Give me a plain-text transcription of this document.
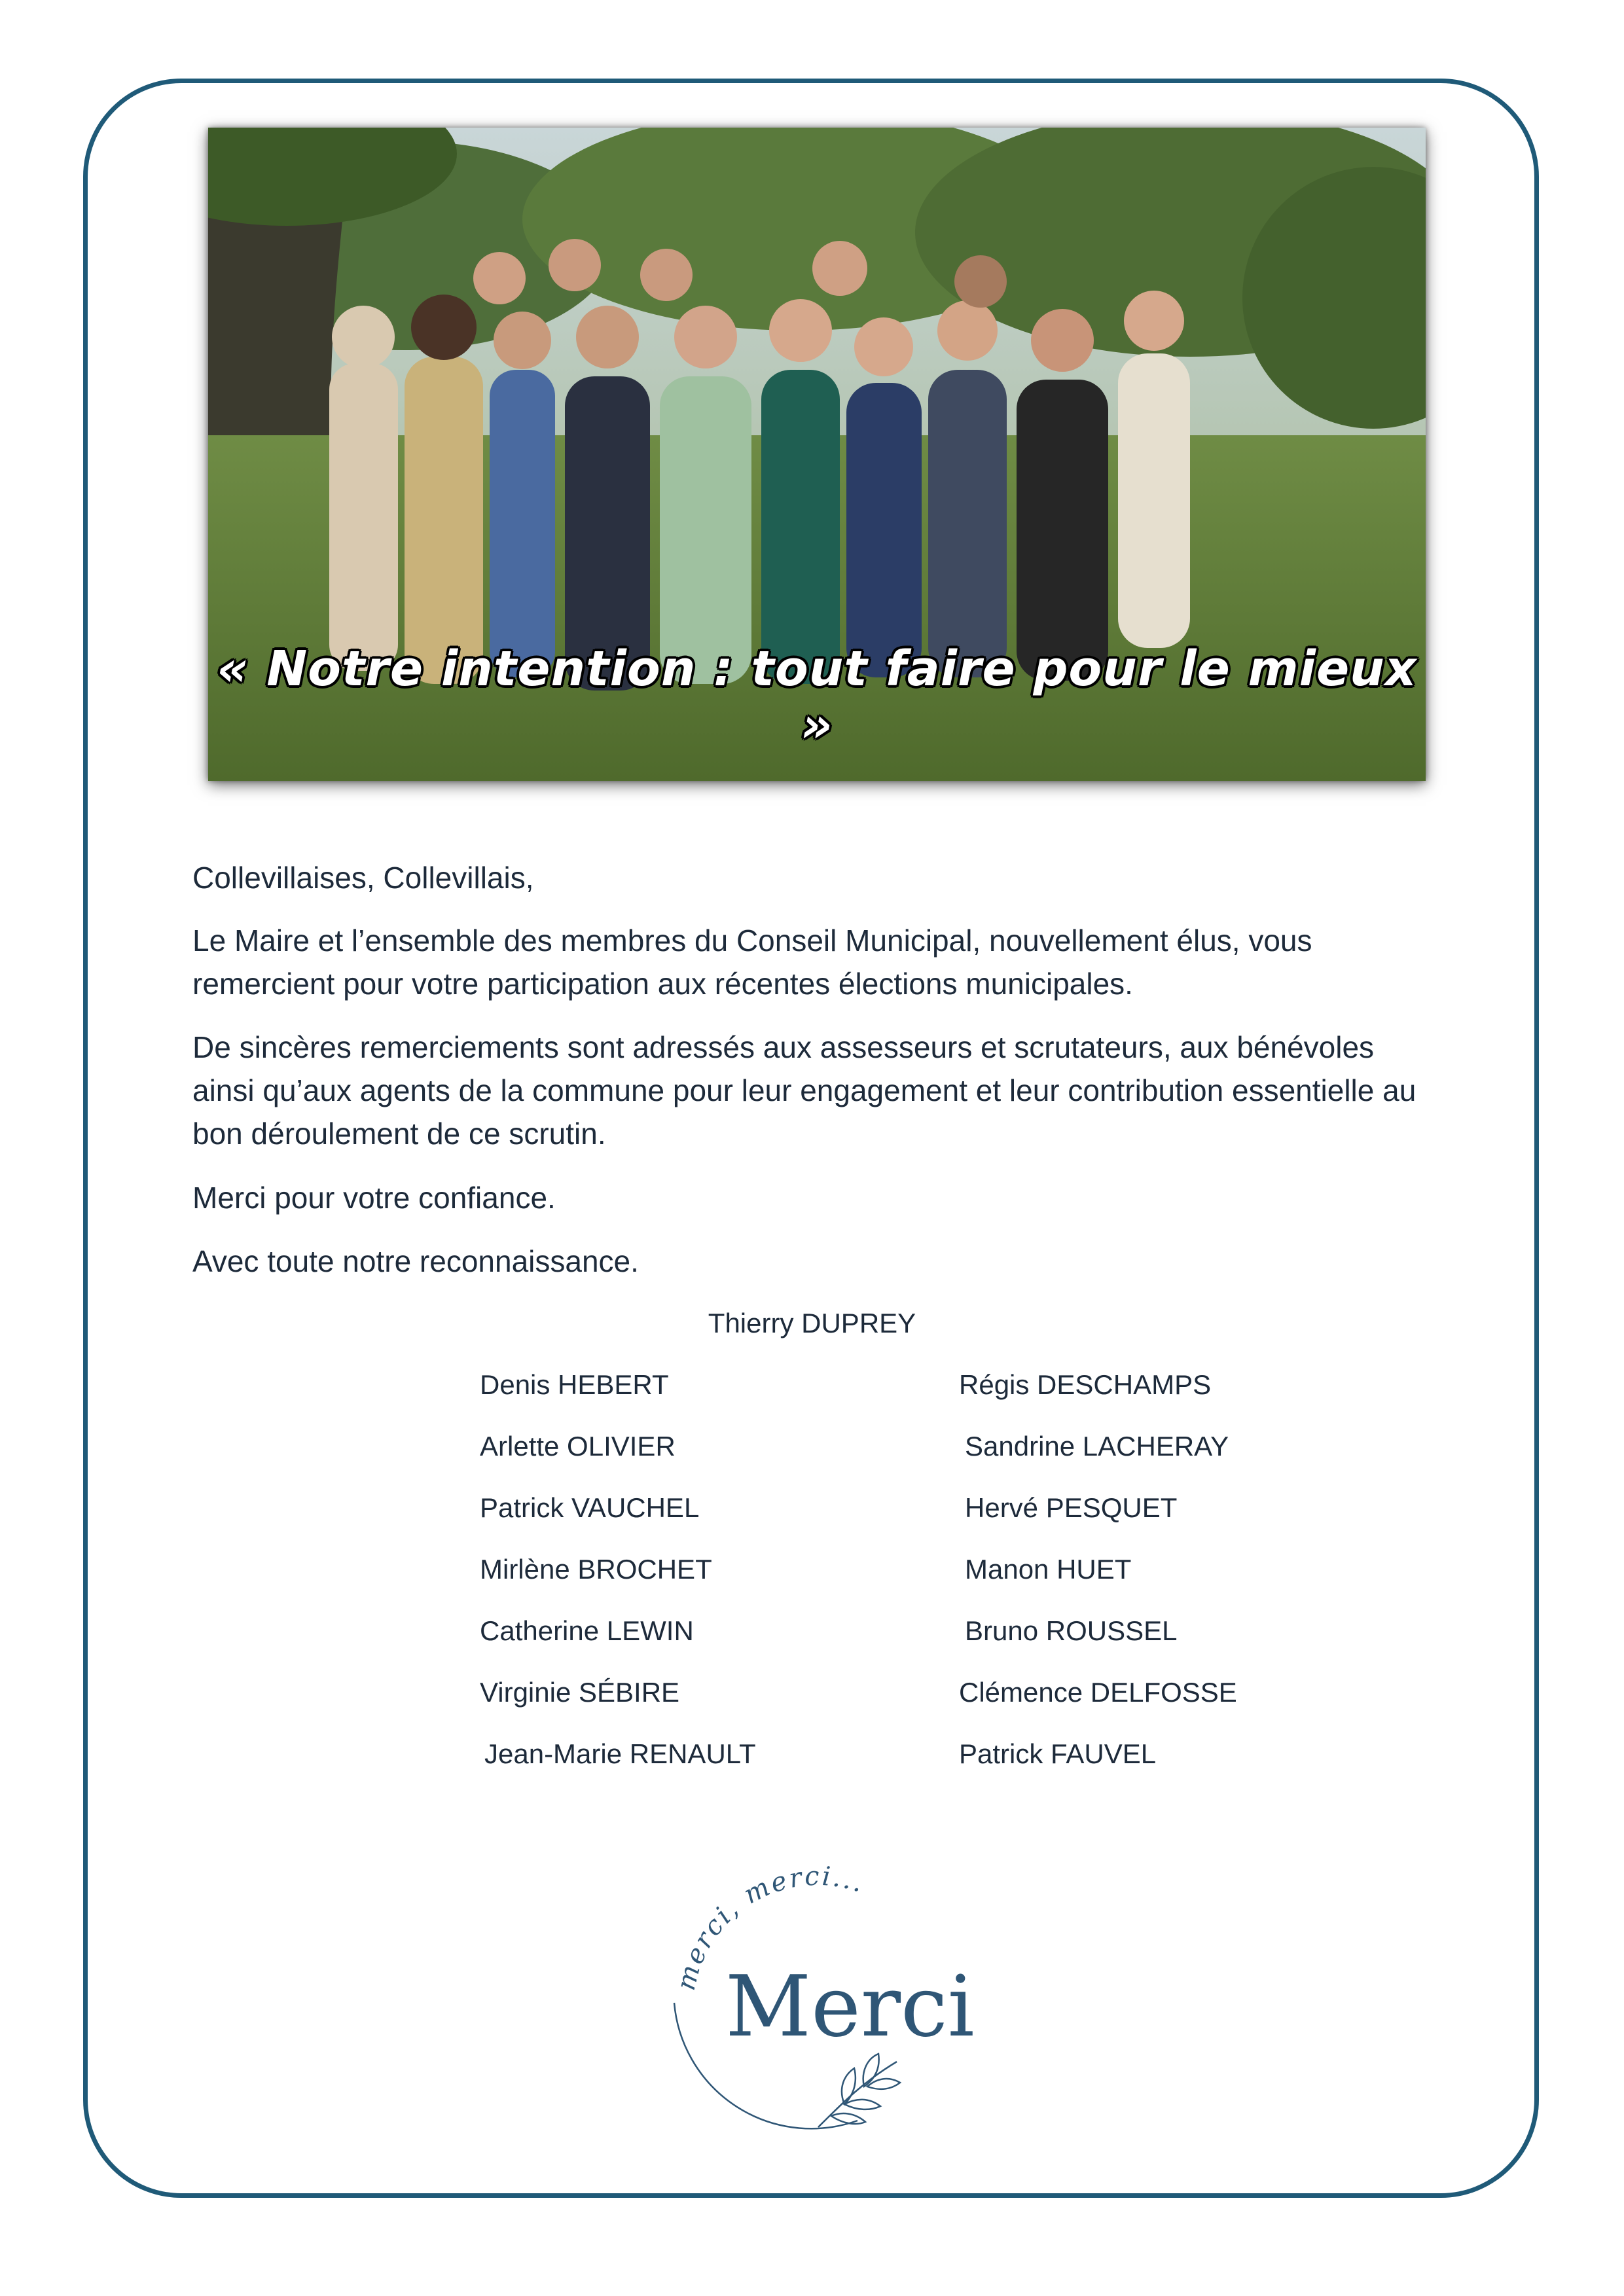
« Notre intention : tout faire pour le mieux »

Collevillaises, Collevillais,

Le Maire et l’ensemble des membres du Conseil Municipal, nouvellement élus, vous remercient pour votre participation aux récentes élections municipales.

De sincères remerciements sont adressés aux assesseurs et scrutateurs, aux bénévoles ainsi qu’aux agents de la commune pour leur engagement et leur contribution essentielle au bon déroulement de ce scrutin.

Merci pour votre confiance.

Avec toute notre reconnaissance.

Thierry DUPREY
Denis HEBERT
Arlette OLIVIER
Patrick VAUCHEL
Mirlène BROCHET
Catherine LEWIN
Virginie SÉBIRE
Jean-Marie RENAULT
Régis DESCHAMPS
Sandrine LACHERAY
Hervé PESQUET
Manon HUET
Bruno ROUSSEL
Clémence DELFOSSE
Patrick FAUVEL
merci, merci...
Merci
